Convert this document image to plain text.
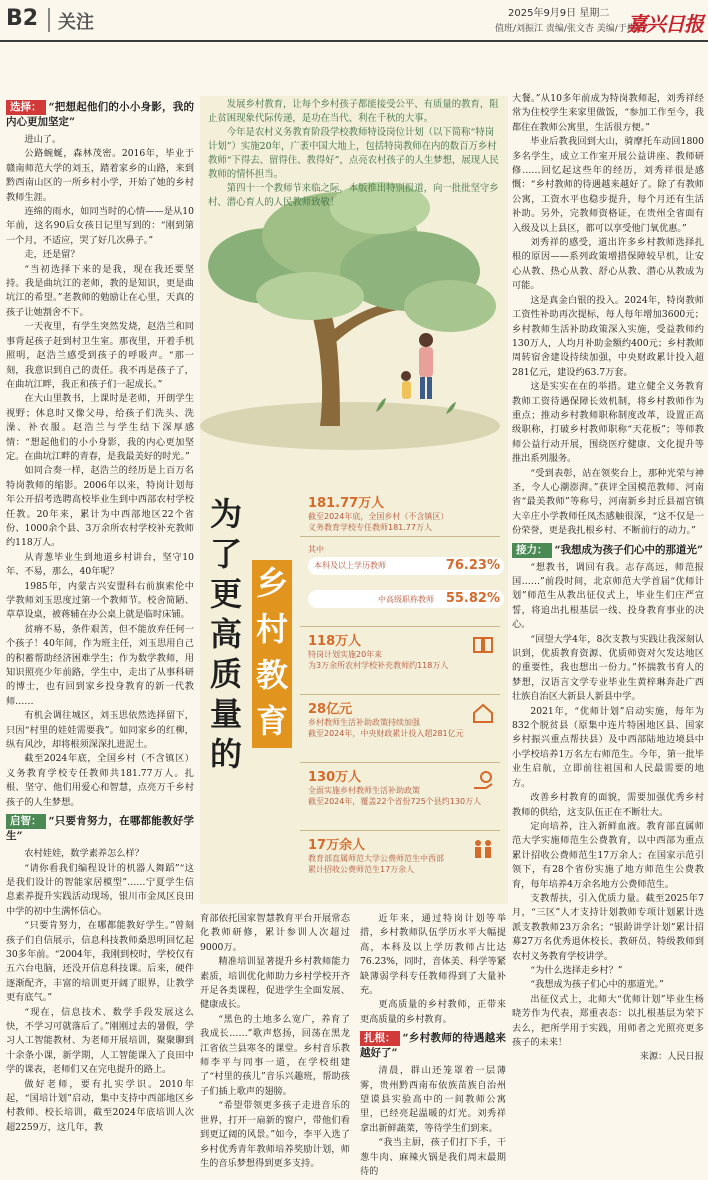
B2 关注	2025年9月9日 星期二
值班/刘振江 责编/张文杏 美编/于梅梅
嘉兴日报

选择： “把想起他们的小小身影，我的内心更加坚定”

进山了。

公路蜿蜒，森林茂密。2016年，毕业于赣南师范大学的刘玉，踏着家乡的山路，来到黔西南山区的一所乡村小学，开始了她的乡村教师生涯。

连绵的雨水，如同当时的心情——是从10年前，这名90后女孩日记里写到的：“刚到第一个月，不适应，哭了好几次鼻子。”

走，还是留？

“当初选择下来的是我，现在我还要坚持。我是曲坑江的老师，教的是知识，更是曲坑江的希望。”老教师的勉励让在心里，天真的孩子让她割舍不下。

一天夜里，有学生突然发烧，赵浩兰和同事背起孩子赶到村卫生室。那夜里，开着手机照明，赵浩兰感受到孩子的呼吸声。“那一刻，我意识到自己的责任。我不再是孩子了，在曲坑江畔，我正和孩子们一起成长。”

在大山里教书，上课时是老师，开朗学生视野；休息时又像父母，给孩子们洗头、洗澡、补衣服。赵浩兰与学生结下深厚感情：“想起他们的小小身影，我的内心更加坚定。在曲坑江畔的青春，是我最美好的时光。”

如同合奏一样，赵浩兰的经历是上百万名特岗教师的缩影。2006年以来，特岗计划每年公开招考选聘高校毕业生到中西部农村学校任教。20年来，累计为中西部地区22个省份、1000余个县、3万余所农村学校补充教师约118万人。

从青葱毕业生到地道乡村讲台，坚守10年、不易，那么，40年呢？

1985年，内蒙古兴安盟科右前旗索伦中学教师刘玉思度过第一个教师节。校舍简陋、草草设桌，被蒋辅在办公桌上就是临时床铺。

贫瘠不易，条件艰苦，但不能放弃任何一个孩子！40年间，作为班主任，刘玉思用自己的积蓄帮助经济困难学生；作为数学教师，用知识照亮少年前路，学生中，走出了从事科研的博士，也有回到家乡投身教育的新一代教师……

有机会调往城区，刘玉思依然选择留下，只因“村里的娃娃需要我”。如同家乡的红柳，纵有风沙，却将根须深深扎进泥土。

截至2024年底，全国乡村（不含镇区）义务教育学校专任教师共181.77万人。扎根、坚守、他们用爱心和智慧，点亮万千乡村孩子的人生梦想。

启智： “只要肯努力，在哪都能教好学生”

农村娃娃，数学素养怎么样？

“请你看我们编程设计的机器人舞蹈”“这是我们设计的智能家居模型”……宁夏学生信息素养提升实践活动现场，银川市金凤区良田中学的初中生满怀信心。

“只要肯努力，在哪都能教好学生。”曾刻孩子们自信展示，信息科技教师桑思明回忆起30多年前。“2004年，我刚到校时，学校仅有五六台电脑，还没开信息科技课。后来，硬件逐渐配齐，丰富的培训更开阔了眼界，让教学更有底气。”

“现在，信息技术、数学手段发展这么快，不学习可就落后了。”刚刚过去的暑假，学习人工智能教材、为老师开展培训，聚聚聊到十余条小课，新学期，人工智能课入了良田中学的课表，老师们又在完电提升的路上。

做好老师，要有扎实学识。2010年起，“国培计划”启动，集中支持中西部地区乡村教师、校长培训，截至2024年底培训人次超2259万，这几年，教

181.77万人
截至2024年底，全国乡村（不含镇区）
义务教育学校专任教师181.77万人
其中
本科及以上学历教师	76.23%
中高级职称教师 55.82%
118万人
特岗计划实施20年来
为3万余所农村学校补充教师约118万人
28亿元
乡村教师生活补助政策持续加强
截至2024年，中央财政累计投入超281亿元
130万人
全面实施乡村教师生活补助政策
截至2024年，覆盖22个省份725个县约130万人
17万余人
教育部直属师范大学公费师范生中西部
累计招收公费师范生17万余人

发展乡村教育，让每个乡村孩子都能接受公平、有质量的教育，阻止贫困现象代际传递，是功在当代、利在千秋的大事。

今年是农村义务教育阶段学校教师特设岗位计划（以下简称“特岗计划”）实施20年，广袤中国大地上，包括特岗教师在内的数百万乡村教师“下得去、留得住、教得好”，点亮农村孩子的人生梦想，展现人民教师的情怀担当。

第四十一个教师节来临之际，本版推出特别报道，向一批批坚守乡村、潜心育人的人民教师致敬！

为
了
更
高
质
量
的
乡
村
教
育

育部依托国家智慧教育平台开展常态化教师研修，累计参训人次超过9000万。

精准培训显著提升乡村教师能力素质，培训优化师助力乡村学校开齐开足各类课程，促进学生全面发展、健康成长。

“黑色的土地多么宽广，养育了我成长……”歌声悠扬，回荡在黑龙江省依兰县寒冬的课堂。乡村音乐教师李平与同事一道，在学校组建了“村里的孩儿”音乐兴趣班，帮助孩子们插上歌声的翅膀。

“希望带领更多孩子走进音乐的世界，打开一扇新的窗户，带他们看到更辽阔的风景。”如今，李平入选了乡村优秀青年教师培养奖励计划，师生的音乐梦想得到更多支持。

近年来，通过特岗计划等举措，乡村教师队伍学历水平大幅提高，本科及以上学历教师占比达76.23%，同时，音体美、科学等紧缺薄弱学科专任教师得到了大量补充。

更高质量的乡村教师，正带来更高质量的乡村教育。

扎根： “乡村教师的待遇越来越好了”

清晨，群山还笼罩着一层薄雾，贵州黔西南布依族苗族自治州望谟县实验高中的一间教师公寓里，已经亮起温暖的灯光。刘秀祥拿出新鲜蔬菜，等待学生们到来。

“我当主厨，孩子们打下手，干葱牛肉、麻辣火锅是我们周末最期待的

大餐。”从10多年前成为特岗教师起，刘秀祥经常为住校学生来家里做饭，“参加工作至今，我都住在教师公寓里，生活很方便。”

毕业后教我回到大山，骑摩托车动回1800多名学生，成立工作室开展公益讲座、教师研修……回忆起这些年的经历，刘秀祥很是感慨：“乡村教师的待遇越来越好了。除了有教师公寓，工资水平也稳步提升，每个月还有生活补助。另外，完教师资格证，在贵州全省面有入级及以上县区，都可以享受他门氧优惠。”

刘秀祥的感受，道出许多乡村教师选择扎根的原因——系列政策增措保障较早机，让安心从教、热心从教、舒心从教、潜心从教成为可能。

这是真金白银的投入。2024年，特岗教师工资性补助再次提标，每人每年增加3600元；乡村教师生活补助政策深入实施，受益教师约130万人，人均月补助金额约400元；乡村教师周转宿舍建设持续加强，中央财政累计投入超281亿元，建设约63.7万套。

这是实实在在的举措。建立健全义务教育教师工资待遇保障长效机制，将乡村教师作为重点；推动乡村教师职称制度改革，设置正高级职称，打破乡村教师职称“天花板”；等师教师公益行动开展，围绕医疗健康、文化提升等推出系列服务。

“受到表彰，站在领奖台上，那种光荣与神圣，令人心潮澎湃。”获评全国模范教师、河南省“最美教师”等称号，河南新乡封丘县福宫镇大辛庄小学教师任凤杰感触很深，“这不仅是一份荣誉，更是我扎根乡村、不断前行的动力。”

接力： “我想成为孩子们心中的那道光”

“想教书，调回有我。志存高远，师范报国……”前段时间，北京师范大学首届“优师计划”师范生从教出征仪式上，毕业生们庄严宣誓，将追出扎根基层一线、投身教育事业的决心。

“回望大学4年，8次支教与实践让我深刻认识到，优质教育资源、优质师资对欠发达地区的重要性，我也想出一份力。”怀揣教书育人的梦想，汉语言文学专业毕业生黄梓琳奔赴广西壮族自治区大新县人新县中学。

2021年，“优师计划”启动实施，每年为832个脱贫县（原集中连片特困地区县、国家乡村振兴重点帮扶县）及中西部陆地边境县中小学校培养1万名左右师范生。今年，第一批毕业生启航，立即前往祖国和人民最需要的地方。

改善乡村教育的面貌，需要加强优秀乡村教师的供给，这支队伍正在不断壮大。

定向培养，注入新鲜血液。教育部直属师范大学实施师范生公费教育，以中西部为重点累计招收公费师范生17万余人；在国家示范引领下，有28个省份实施了地方师范生公费教育，每年培养4万余名地方公费师范生。

支教帮扶，引入优质力量。截至2025年7月，“三区”人才支持计划教师专项计划累计选派支教教师23万余名；“银龄讲学计划”累计招募27万名优秀退休校长、教研员、特级教师到农村义务教育学校讲学。

“为什么选择走乡村？”

“我想成为孩子们心中的那道光。”

出征仪式上，北师大“优师计划”毕业生杨晓芳作为代表，郑重表态：以扎根基层为荣下去么，把所学用于实践，用师者之光照亮更多孩子的未来！

来源：人民日报
